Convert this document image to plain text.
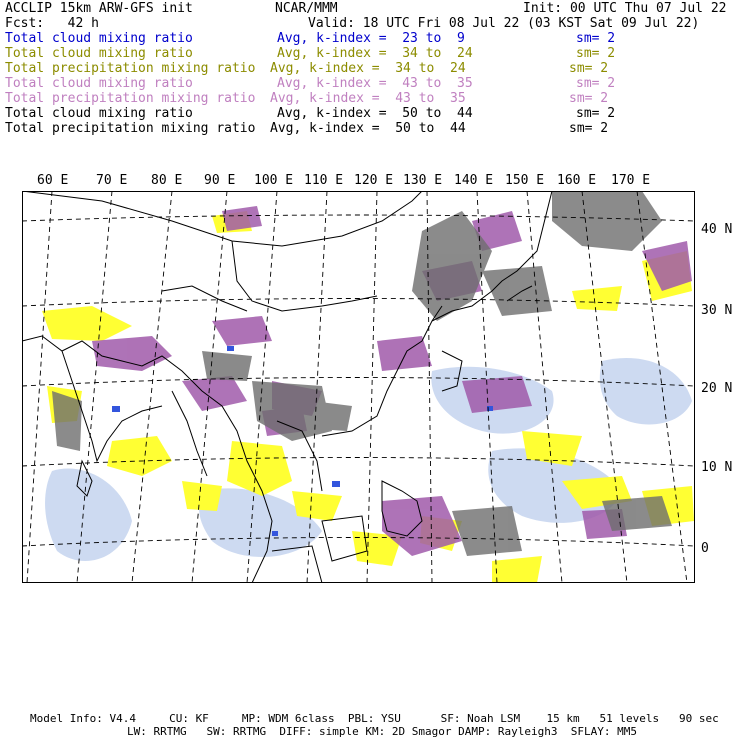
ACCLIP 15km ARW-GFS init	NCAR/MMM	Init: 00 UTC Thu 07 Jul 22
Fcst:   42 h	Valid: 18 UTC Fri 08 Jul 22 (03 KST Sat 09 Jul 22)
Total cloud mixing ratio	Avg, k-index =  23 to  9	sm= 2
Total cloud mixing ratio	Avg, k-index =  34 to  24	sm= 2
Total precipitation mixing ratio Avg, k-index =  34 to  24	sm= 2
Total cloud mixing ratio	Avg, k-index =  43 to  35	sm= 2
Total precipitation mixing ratio Avg, k-index =  43 to  35	sm= 2
Total cloud mixing ratio	Avg, k-index =  50 to  44	sm= 2
Total precipitation mixing ratio Avg, k-index =  50 to  44	sm= 2
60 E 70 E 80 E 90 E 100 E 110 E 120 E 130 E 140 E 150 E 160 E 170 E
40 N
30 N
20 N
10 N
0
Model Info: V4.4     CU: KF     MP: WDM 6class  PBL: YSU      SF: Noah LSM    15 km   51 levels   90 sec
LW: RRTMG   SW: RRTMG  DIFF: simple KM: 2D Smagor DAMP: Rayleigh3  SFLAY: MM5
